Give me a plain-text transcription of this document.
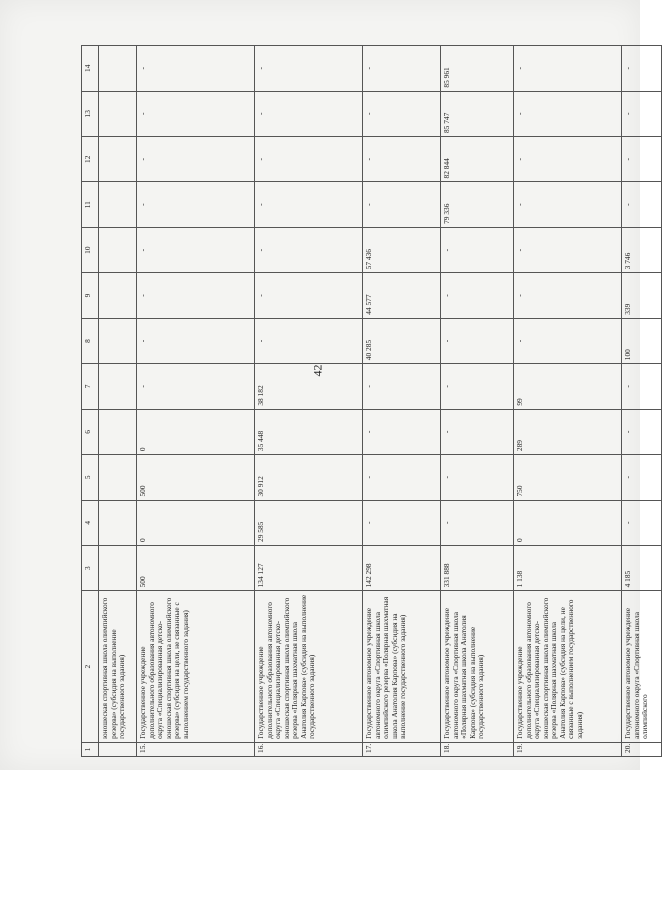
42
1	2	3	4	5	6	7	8	9	10	11	12	13	14
	юношеская спортивная школа олимпийского резерва» (субсидия на выполнение государственного задания)												
15.	Государственное учреждение дополнительного образования автономного округа «Специализированная детско-юношеская спортивная школа олимпийского резерва» (субсидия на цели, не связанные с выполнением государственного задания)	500	0	500	0	-	-	-	-	-	-	-	-
16.	Государственное учреждение дополнительного образования автономного округа «Специализированная детско-юношеская спортивная школа олимпийского резерва «Полярная шахматная школа Анатолия Карпова» (субсидия на выполнение государственного задания)	134 127	29 585	30 912	35 448	38 182	-	-	-	-	-	-	-
17.	Государственное автономное учреждение автономного округа «Спортивная школа олимпийского резерва «Полярная шахматная школа Анатолия Карпова» (субсидия на выполнение государственного задания)	142 298	-	-	-	-	40 285	44 577	57 436	-	-	-	-
18.	Государственное автономное учреждение автономного округа «Спортивная школа «Полярная шахматная школа Анатолия Карпова» (субсидия на выполнение государственного задания)	331 888	-	-	-	-	-	-	-	79 336	82 844	85 747	85 961
19.	Государственное учреждение дополнительного образования автономного округа «Специализированная детско-юношеская спортивная школа олимпийского резерва «Полярная шахматная школа Анатолия Карпова» (субсидия на цели, не связанные с выполнением государственного задания)	1 138	0	750	289	99	-	-	-	-	-	-	-
20.	Государственное автономное учреждение автономного округа «Спортивная школа олимпийского	4 185	-	-	-	-	100	339	3 746	-	-	-	-
